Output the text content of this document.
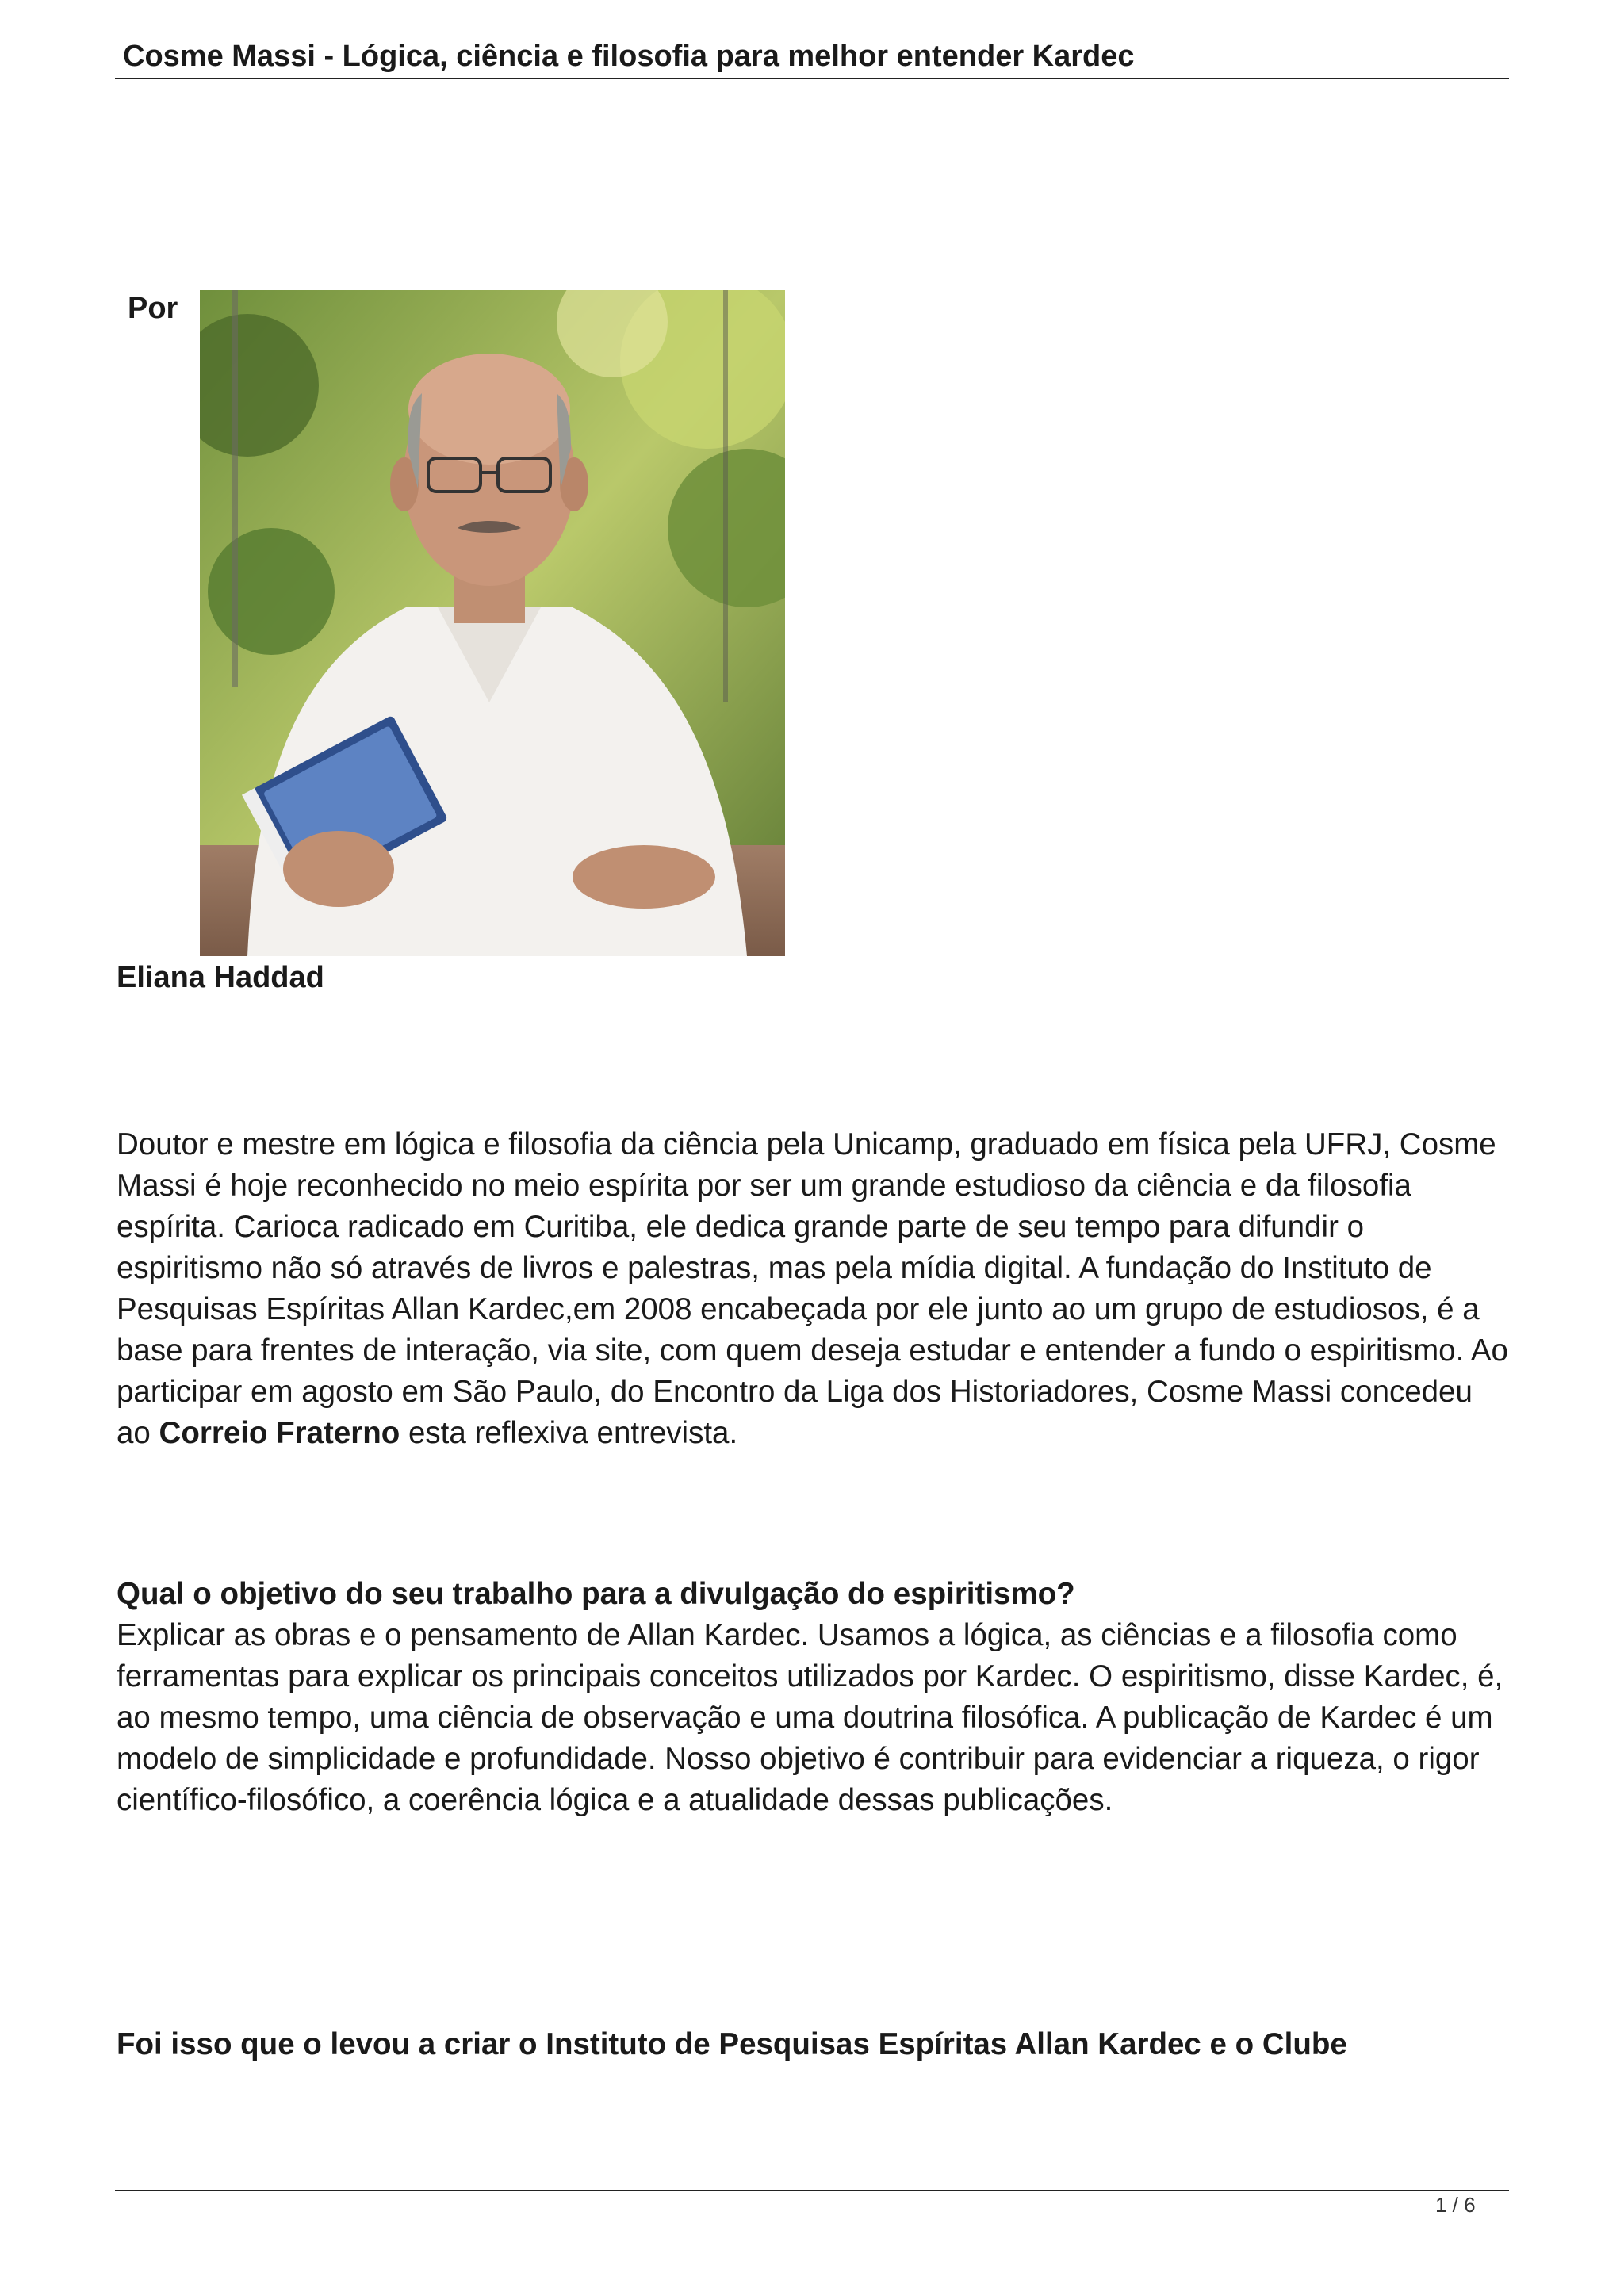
Cosme Massi - Lógica, ciência e filosofia para melhor entender Kardec
Por
Eliana Haddad

Doutor e mestre em lógica e filosofia da ciência pela Unicamp, graduado em física pela UFRJ, Cosme Massi é hoje reconhecido no meio espírita por ser um grande estudioso da ciência e da filosofia espírita. Carioca radicado em Curitiba, ele dedica grande parte de seu tempo para difundir o espiritismo não só através de livros e palestras, mas pela mídia digital. A fundação do Instituto de Pesquisas Espíritas Allan Kardec,em 2008 encabeçada por ele junto ao um grupo de estudiosos, é a base para frentes de interação, via site, com quem deseja estudar e entender a fundo o espiritismo. Ao participar em agosto em São Paulo, do Encontro da Liga dos Historiadores, Cosme Massi concedeu ao Correio Fraterno esta reflexiva entrevista.

Qual o objetivo do seu trabalho para a divulgação do espiritismo?

Explicar as obras e o pensamento de Allan Kardec. Usamos a lógica, as ciências e a filosofia como ferramentas para explicar os principais conceitos utilizados por Kardec. O espiritismo, disse Kardec, é, ao mesmo tempo, uma ciência de observação e uma doutrina filosófica. A publicação de Kardec é um modelo de simplicidade e profundidade. Nosso objetivo é contribuir para evidenciar a riqueza, o rigor científico-filosófico, a coerência lógica e a atualidade dessas publicações.

Foi isso que o levou a criar o Instituto de Pesquisas Espíritas Allan Kardec e o Clube

1 / 6
